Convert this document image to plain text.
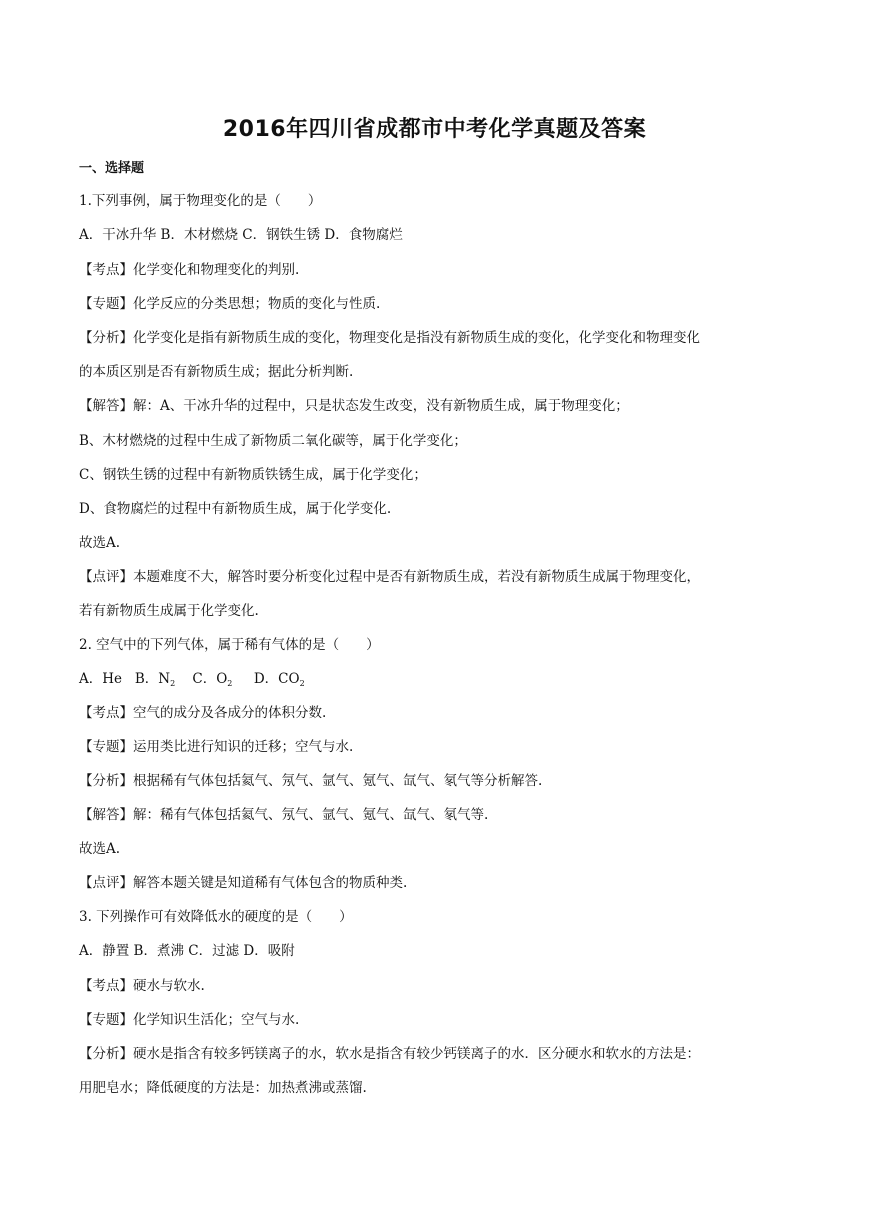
2016年四川省成都市中考化学真题及答案
一、选择题
1.下列事例，属于物理变化的是（　　）
A．干冰升华 B．木材燃烧 C．钢铁生锈 D．食物腐烂
【考点】化学变化和物理变化的判别.
【专题】化学反应的分类思想；物质的变化与性质.
【分析】化学变化是指有新物质生成的变化，物理变化是指没有新物质生成的变化，化学变化和物理变化
的本质区别是否有新物质生成；据此分析判断.
【解答】解：A、干冰升华的过程中，只是状态发生改变，没有新物质生成，属于物理变化；
B、木材燃烧的过程中生成了新物质二氧化碳等，属于化学变化；
C、钢铁生锈的过程中有新物质铁锈生成，属于化学变化；
D、食物腐烂的过程中有新物质生成，属于化学变化.
故选A.
【点评】本题难度不大，解答时要分析变化过程中是否有新物质生成，若没有新物质生成属于物理变化，
若有新物质生成属于化学变化.
2. 空气中的下列气体，属于稀有气体的是（　　）
A．He B．$N_2$ C．$O_2$ D．$CO_2$
【考点】空气的成分及各成分的体积分数.
【专题】运用类比进行知识的迁移；空气与水.
【分析】根据稀有气体包括氦气、氖气、氩气、氪气、氙气、氡气等分析解答.
【解答】解：稀有气体包括氦气、氖气、氩气、氪气、氙气、氡气等.
故选A.
【点评】解答本题关键是知道稀有气体包含的物质种类.
3. 下列操作可有效降低水的硬度的是（　　）
A．静置 B．煮沸 C．过滤 D．吸附
【考点】硬水与软水.
【专题】化学知识生活化；空气与水.
【分析】硬水是指含有较多钙镁离子的水，软水是指含有较少钙镁离子的水．区分硬水和软水的方法是：
用肥皂水；降低硬度的方法是：加热煮沸或蒸馏.
